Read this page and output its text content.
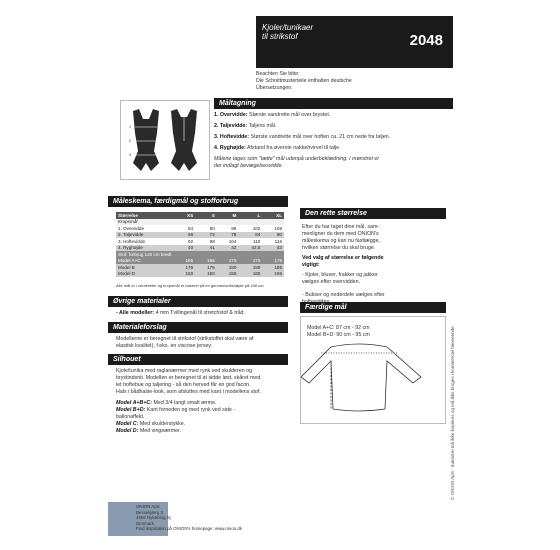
Kjoler/tunikaer
til strikstof	2048
Beachten Sie bitte:
Die Schnittmusterteile enthalten deutsche
Übersetzungen.
Måltagning
1
2
3
4
1. Overvidde: Største vandrette mål over brystet.
2. Taljevidde: Taljens mål.
3. Hoftevidde: Største vandrette mål over hoften ca. 21 cm nede fra taljen.
4. Ryghøjde: Afstand fra øverste nakkehvirvel til talje.
Målene tages som "tætte" mål udenpå underbeklædning. I mønstret er
der indlagt bevægelsesvidde.
Måleskema, færdigmål og stofforbrug
Størrelse	XS	S	M	L	XL
Kropsmål					
1. Overvidde	84	90	96	102	108
2. Taljevidde	66	72	78	84	90
3. Hoftevidde	92	98	104	110	116
4. Ryghøjde	40	41	42	42,5	43
Stof: forbrug 140 cm bredt					
Model A+C	165	165	170	170	175
Model B	175	175	180	180	185
Model D	150	150	155	160	165
Alle mål er i centimeter og kropsmål er baseret på en gennemsnitshøjde på 168 cm.
Øvrige materialer
- Alle modeller: 4 mm Tvillingenål til stretchstof & tråd.
Materialeforslag
Modellerne er beregnet til strikstof (strikstoffet skal være af
elastisk kvalitet), f.eks. en viscose jersey.
Silhouet
Kjole/tunika med raglanærmer med rynk ved skulderen og
brystindsnit. Modellen er beregnet til at sidde løst, skåret med
let hoftebue og taljering - så den herved får en god facon.
Hals i bådhalse-look, som afsluttes med kant i modellens stof.
Model A+B+C: Med 3/4 langt smalt ærme.
Model B+D: Kant forneden og med rynk ved side -
ballonaffekt.
Model C: Med skulderstykke.
Model D: Med vingeærmer.
Den rette størrelse
Efter du har taget dine mål, sam-
menligner du dem med ONION's
måleskema og kan nu fastlægge,
hvilken størrelse du skal bruge.
Ved valg af størrelse er følgende
vigtigt:
- Kjoler, bluser, frakker og jakker
vælges efter overvidden.
- Bukser og nederdele vælges efter
Færdige mål
Model A+C: 87 cm - 92 cm
Model B+D: 90 cm - 95 cm
ONION ApS
Bessekjærg 3
4500 Nykøbing Sj
Denmark
Find inspiration på ONION's homepage: www.onion.dk
© ONION ApS - mønstret må ikke kopieres og må ikke bruges i kommerciel henseende.
